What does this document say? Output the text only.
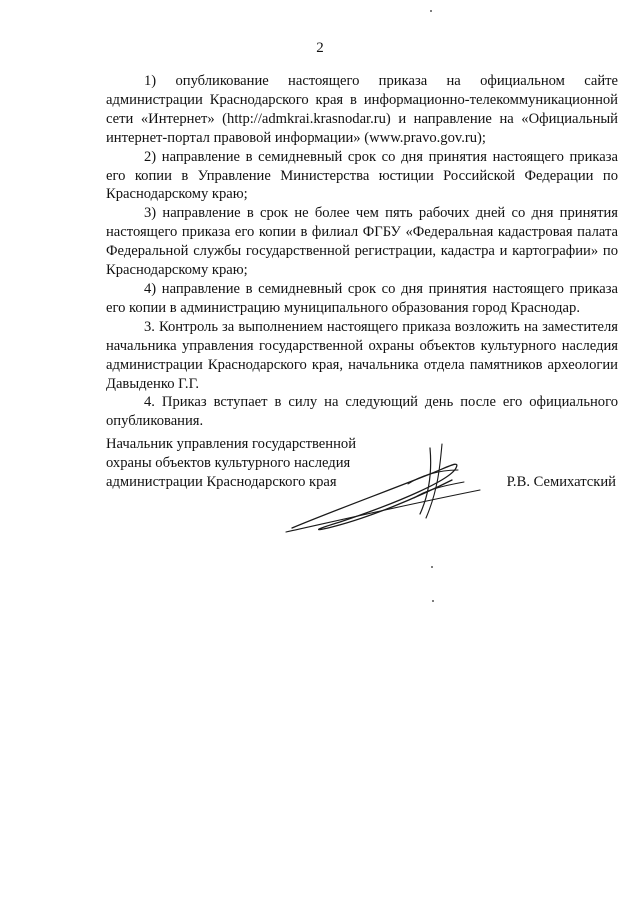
2

1) опубликование настоящего приказа на официальном сайте администрации Краснодарского края в информационно-телекоммуникационной сети «Интернет» (http://admkrai.krasnodar.ru) и направление на «Официальный интернет-портал правовой информации» (www.pravo.gov.ru);

2) направление в семидневный срок со дня принятия настоящего приказа его копии в Управление Министерства юстиции Российской Федерации по Краснодарскому краю;

3) направление в срок не более чем пять рабочих дней со дня принятия настоящего приказа его копии в филиал ФГБУ «Федеральная кадастровая палата Федеральной службы государственной регистрации, кадастра и картографии» по Краснодарскому краю;

4) направление в семидневный срок со дня принятия настоящего приказа его копии в администрацию муниципального образования город Краснодар.

3. Контроль за выполнением настоящего приказа возложить на заместителя начальника управления государственной охраны объектов культурного наследия администрации Краснодарского края, начальника отдела памятников археологии Давыденко Г.Г.

4. Приказ вступает в силу на следующий день после его официального опубликования.

Начальник управления государственной охраны объектов культурного наследия администрации Краснодарского края	Р.В. Семихатский
